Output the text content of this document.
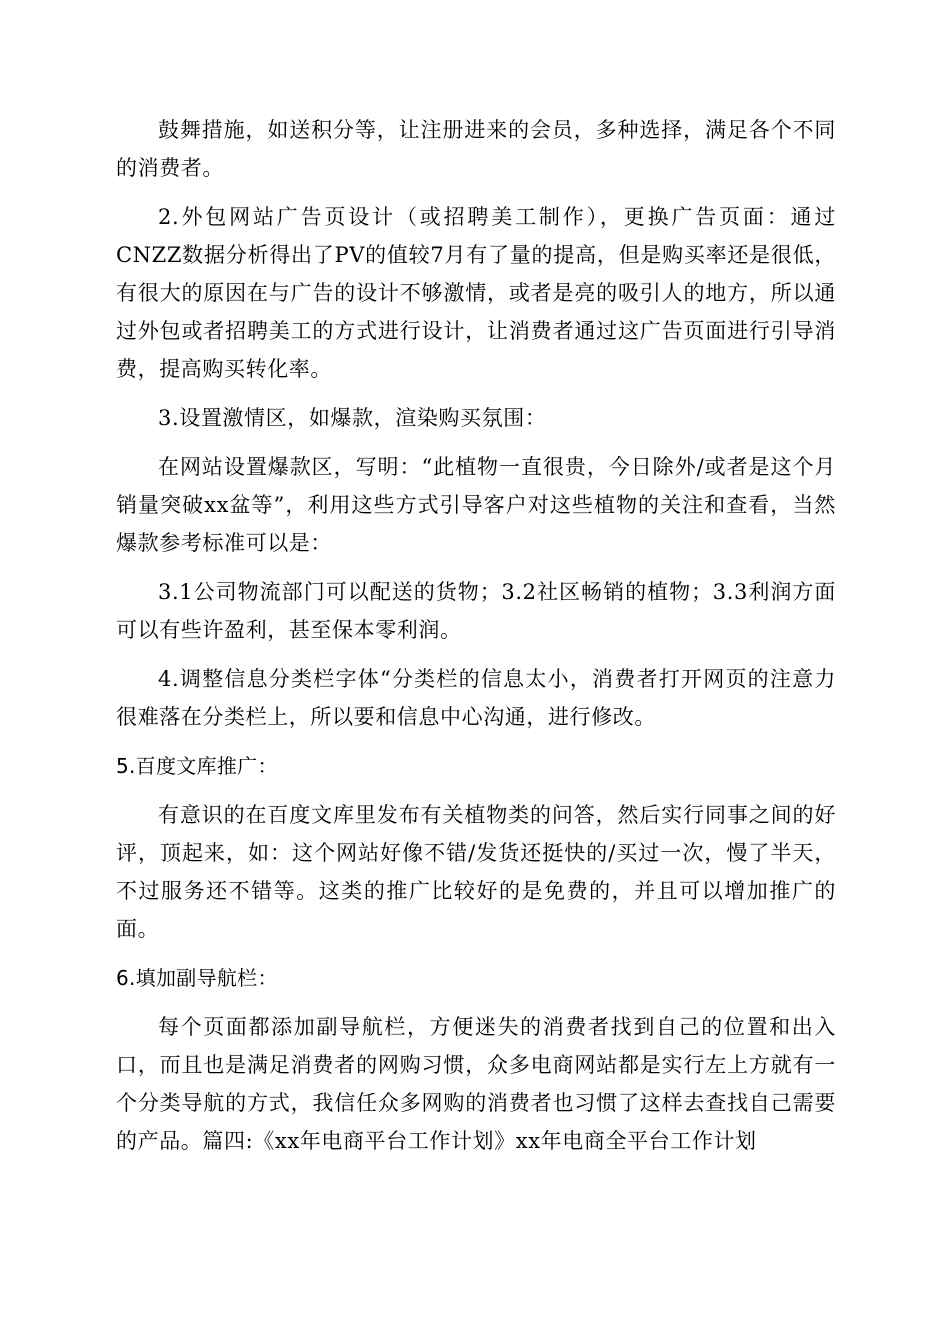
鼓舞措施，如送积分等，让注册进来的会员，多种选择，满足各个不同的消费者。

2.外包网站广告页设计（或招聘美工制作），更换广告页面：通过CNZZ数据分析得出了PV的值较7月有了量的提高，但是购买率还是很低，有很大的原因在与广告的设计不够激情，或者是亮的吸引人的地方，所以通过外包或者招聘美工的方式进行设计，让消费者通过这广告页面进行引导消费，提高购买转化率。

3.设置激情区，如爆款，渲染购买氛围：

在网站设置爆款区，写明：“此植物一直很贵，今日除外/或者是这个月销量突破xx盆等”，利用这些方式引导客户对这些植物的关注和查看，当然爆款参考标准可以是：

3.1公司物流部门可以配送的货物；3.2社区畅销的植物；3.3利润方面可以有些许盈利，甚至保本零利润。

4.调整信息分类栏字体“分类栏的信息太小，消费者打开网页的注意力很难落在分类栏上，所以要和信息中心沟通，进行修改。

5.百度文库推广：

有意识的在百度文库里发布有关植物类的问答，然后实行同事之间的好评，顶起来，如：这个网站好像不错/发货还挺快的/买过一次，慢了半天，不过服务还不错等。这类的推广比较好的是免费的，并且可以增加推广的面。

6.填加副导航栏：

每个页面都添加副导航栏，方便迷失的消费者找到自己的位置和出入口，而且也是满足消费者的网购习惯，众多电商网站都是实行左上方就有一个分类导航的方式，我信任众多网购的消费者也习惯了这样去查找自己需要的产品。篇四:《xx年电商平台工作计划》xx年电商全平台工作计划
